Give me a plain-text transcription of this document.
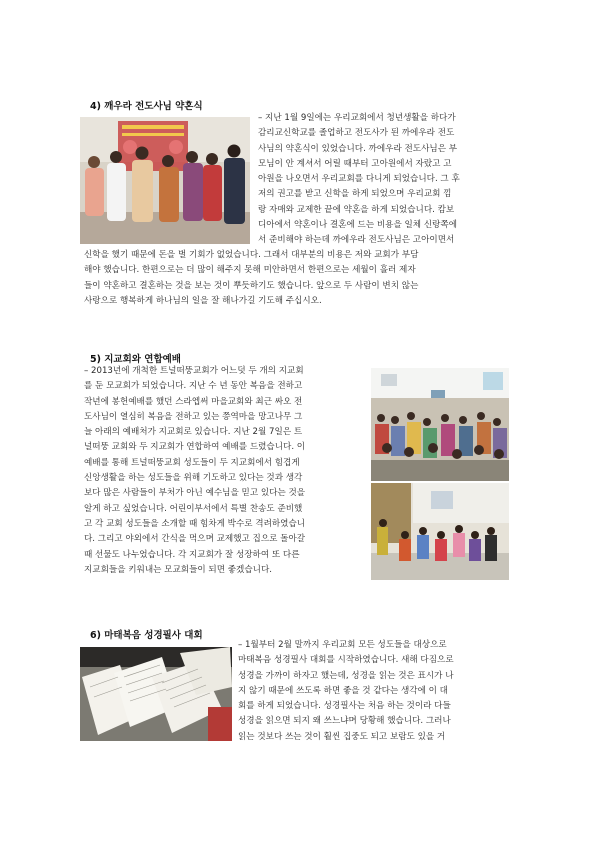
4) 깨우라 전도사님 약혼식
– 지난 1월 9일에는 우리교회에서 청년생활을 하다가
감리교신학교를 졸업하고 전도사가 된 까에우라 전도
사님의 약혼식이 있었습니다. 까에우라 전도사님은 부
모님이 안 계셔서 어릴 때부터 고아원에서 자랐고 고
아원을 나오면서 우리교회를 다니게 되었습니다. 그 후
저의 권고를 받고 신학을 하게 되었으며 우리교회 낌
랑 자매와 교제한 끝에 약혼을 하게 되었습니다. 캄보
디아에서 약혼이나 결혼에 드는 비용을 일체 신랑쪽에
서 준비해야 하는데 까에우라 전도사님은 고아이면서
신학을 했기 때문에 돈을 벌 기회가 없었습니다. 그래서 대부분의 비용은 저와 교회가 부담
해야 했습니다. 한편으로는 더 많이 해주지 못해 미안하면서 한편으로는 세월이 흘러 제자
들이 약혼하고 결혼하는 것을 보는 것이 뿌듯하기도 했습니다. 앞으로 두 사람이 변치 않는
사랑으로 행복하게 하나님의 일을 잘 해나가길 기도해 주십시오.
5) 지교회와 연합예배
– 2013년에 개척한 트널떠뚱교회가 어느덧 두 개의 지교회
를 둔 모교회가 되었습니다. 지난 수 년 동안 복음을 전하고
작년에 봉헌예배를 했던 스라엡써 마을교회와 최근 싸오 전
도사님이 열심히 복음을 전하고 있는 쯩역마을 망고나무 그
늘 아래의 예배처가 지교회로 있습니다. 지난 2월 7일은 트
널떠뚱 교회와 두 지교회가 연합하여 예배를 드렸습니다. 이
예배를 통해 트널떠뚱교회 성도들이 두 지교회에서 힘겹게
신앙생활을 하는 성도들을 위해 기도하고 있다는 것과 생각
보다 많은 사람들이 부처가 아닌 예수님을 믿고 있다는 것을
알게 하고 싶었습니다. 어린이부서에서 특별 찬송도 준비했
고 각 교회 성도들을 소개할 때 힘차게 박수로 격려하였습니
다. 그리고 야외에서 간식을 먹으며 교제했고 집으로 돌아갈
때 선물도 나누었습니다. 각 지교회가 잘 성장하여 또 다른
지교회들을 키워내는 모교회들이 되면 좋겠습니다.
6) 마태복음 성경필사 대회
– 1월부터 2월 말까지 우리교회 모든 성도들을 대상으로
마태복음 성경필사 대회를 시작하였습니다. 새해 다짐으로
성경을 가까이 하자고 했는데, 성경을 읽는 것은 표시가 나
지 않기 때문에 쓰도록 하면 좋을 것 같다는 생각에 이 대
회를 하게 되었습니다. 성경필사는 처음 하는 것이라 다들
성경을 읽으면 되지 왜 쓰느냐며 당황해 했습니다. 그러나
읽는 것보다 쓰는 것이 훨씬 집중도 되고 보람도 있을 거
